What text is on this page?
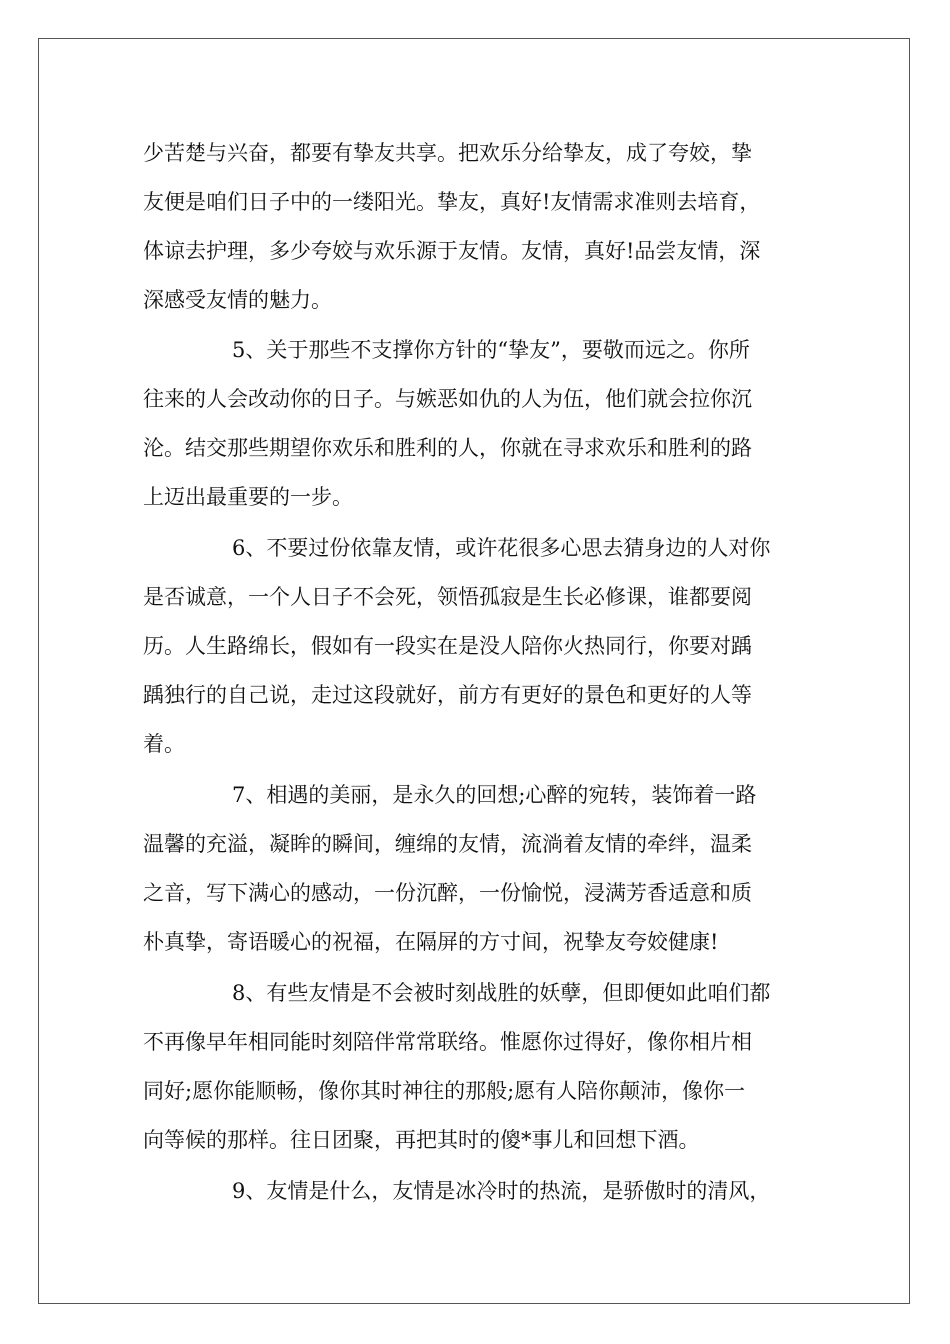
少苦楚与兴奋，都要有挚友共享。把欢乐分给挚友，成了夸姣，挚
友便是咱们日子中的一缕阳光。挚友，真好!友情需求准则去培育，
体谅去护理，多少夸姣与欢乐源于友情。友情，真好!品尝友情，深
深感受友情的魅力。
5、关于那些不支撑你方针的“挚友”，要敬而远之。你所
往来的人会改动你的日子。与嫉恶如仇的人为伍，他们就会拉你沉
沦。结交那些期望你欢乐和胜利的人，你就在寻求欢乐和胜利的路
上迈出最重要的一步。
6、不要过份依靠友情，或许花很多心思去猜身边的人对你
是否诚意，一个人日子不会死，领悟孤寂是生长必修课，谁都要阅
历。人生路绵长，假如有一段实在是没人陪你火热同行，你要对踽
踽独行的自己说，走过这段就好，前方有更好的景色和更好的人等
着。
7、相遇的美丽，是永久的回想;心醉的宛转，装饰着一路
温馨的充溢，凝眸的瞬间，缠绵的友情，流淌着友情的牵绊，温柔
之音，写下满心的感动，一份沉醉，一份愉悦，浸满芳香适意和质
朴真挚，寄语暖心的祝福，在隔屏的方寸间，祝挚友夸姣健康!
8、有些友情是不会被时刻战胜的妖孽，但即便如此咱们都
不再像早年相同能时刻陪伴常常联络。惟愿你过得好，像你相片相
同好;愿你能顺畅，像你其时神往的那般;愿有人陪你颠沛，像你一
向等候的那样。往日团聚，再把其时的傻*事儿和回想下酒。
9、友情是什么，友情是冰冷时的热流，是骄傲时的清风，
